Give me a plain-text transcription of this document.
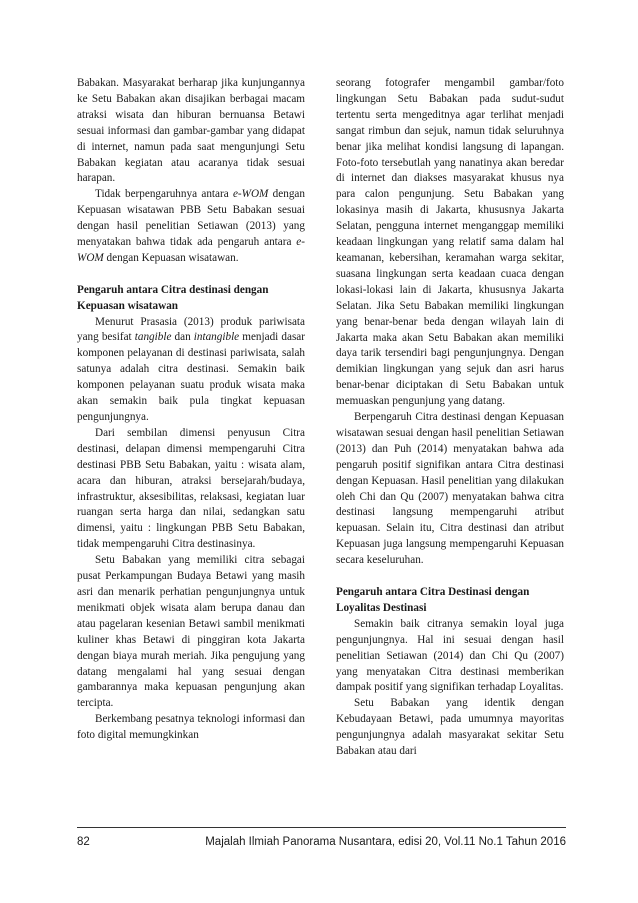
Babakan. Masyarakat berharap jika kunjungannya ke Setu Babakan akan disajikan berbagai macam atraksi wisata dan hiburan bernuansa Betawi sesuai informasi dan gambar-gambar yang didapat di internet, namun pada saat mengunjungi Setu Babakan kegiatan atau acaranya tidak sesuai harapan.

Tidak berpengaruhnya antara e-WOM dengan Kepuasan wisatawan PBB Setu Babakan sesuai dengan hasil penelitian Setiawan (2013) yang menyatakan bahwa tidak ada pengaruh antara e-WOM dengan Kepuasan wisatawan.

Pengaruh antara Citra destinasi dengan Kepuasan wisatawan

Menurut Prasasia (2013) produk pariwisata yang besifat tangible dan intangible menjadi dasar komponen pelayanan di destinasi pariwisata, salah satunya adalah citra destinasi. Semakin baik komponen pelayanan suatu produk wisata maka akan semakin baik pula tingkat kepuasan pengunjungnya.

Dari sembilan dimensi penyusun Citra destinasi, delapan dimensi mempengaruhi Citra destinasi PBB Setu Babakan, yaitu : wisata alam, acara dan hiburan, atraksi bersejarah/budaya, infrastruktur, aksesibilitas, relaksasi, kegiatan luar ruangan serta harga dan nilai, sedangkan satu dimensi, yaitu : lingkungan PBB Setu Babakan, tidak mempengaruhi Citra destinasinya.

Setu Babakan yang memiliki citra sebagai pusat Perkampungan Budaya Betawi yang masih asri dan menarik perhatian pengunjungnya untuk menikmati objek wisata alam berupa danau dan atau pagelaran kesenian Betawi sambil menikmati kuliner khas Betawi di pinggiran kota Jakarta dengan biaya murah meriah. Jika pengujung yang datang mengalami hal yang sesuai dengan gambarannya maka kepuasan pengunjung akan tercipta.

Berkembang pesatnya teknologi informasi dan foto digital memungkinkan

seorang fotografer mengambil gambar/foto lingkungan Setu Babakan pada sudut-sudut tertentu serta mengeditnya agar terlihat menjadi sangat rimbun dan sejuk, namun tidak seluruhnya benar jika melihat kondisi langsung di lapangan. Foto-foto tersebutlah yang nanatinya akan beredar di internet dan diakses masyarakat khusus nya para calon pengunjung. Setu Babakan yang lokasinya masih di Jakarta, khususnya Jakarta Selatan, pengguna internet menganggap memiliki keadaan lingkungan yang relatif sama dalam hal keamanan, kebersihan, keramahan warga sekitar, suasana lingkungan serta keadaan cuaca dengan lokasi-lokasi lain di Jakarta, khususnya Jakarta Selatan. Jika Setu Babakan memiliki lingkungan yang benar-benar beda dengan wilayah lain di Jakarta maka akan Setu Babakan akan memiliki daya tarik tersendiri bagi pengunjungnya. Dengan demikian lingkungan yang sejuk dan asri harus benar-benar diciptakan di Setu Babakan untuk memuaskan pengunjung yang datang.

Berpengaruh Citra destinasi dengan Kepuasan wisatawan sesuai dengan hasil penelitian Setiawan (2013) dan Puh (2014) menyatakan bahwa ada pengaruh positif signifikan antara Citra destinasi dengan Kepuasan. Hasil penelitian yang dilakukan oleh Chi dan Qu (2007) menyatakan bahwa citra destinasi langsung mempengaruhi atribut kepuasan. Selain itu, Citra destinasi dan atribut Kepuasan juga langsung mempengaruhi Kepuasan secara keseluruhan.

Pengaruh antara Citra Destinasi dengan Loyalitas Destinasi

Semakin baik citranya semakin loyal juga pengunjungnya. Hal ini sesuai dengan hasil penelitian Setiawan (2014) dan Chi Qu (2007) yang menyatakan Citra destinasi memberikan dampak positif yang signifikan terhadap Loyalitas.

Setu Babakan yang identik dengan Kebudayaan Betawi, pada umumnya mayoritas pengunjungnya adalah masyarakat sekitar Setu Babakan atau dari

82	Majalah Ilmiah Panorama Nusantara, edisi 20, Vol.11 No.1 Tahun 2016
